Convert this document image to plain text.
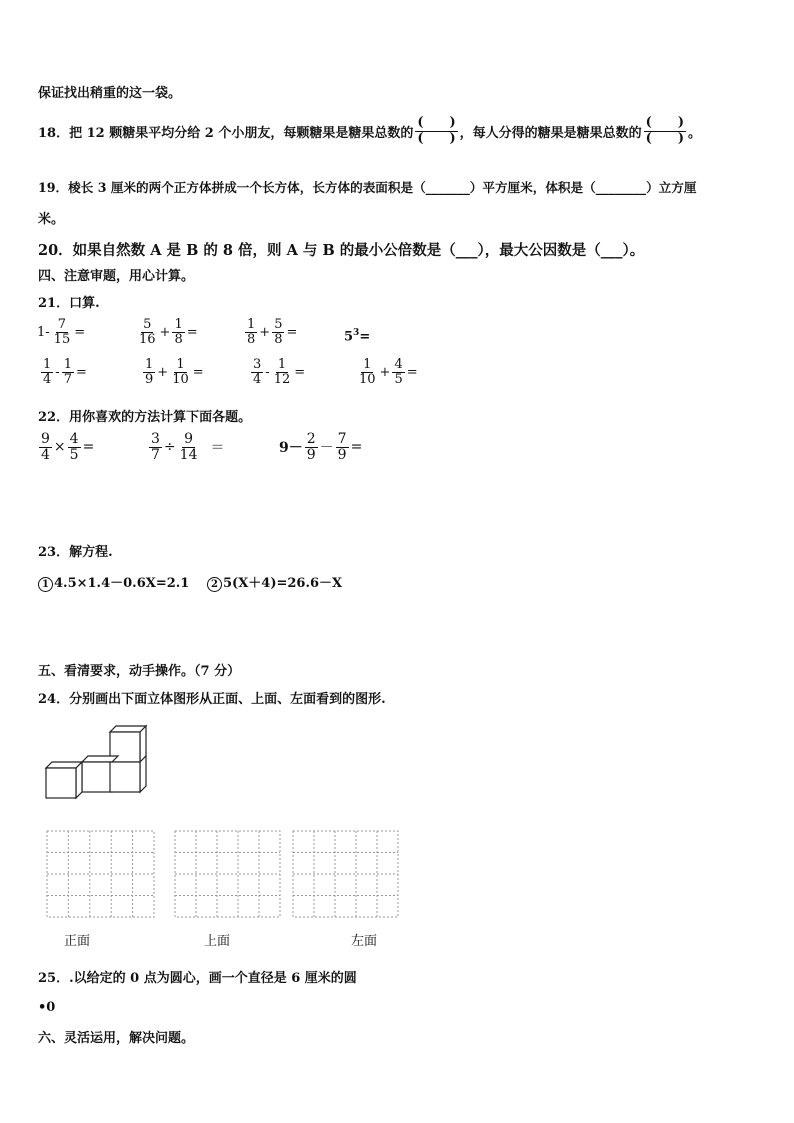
保证找出稍重的这一袋。
18． 把 12 颗糖果平均分给 2 个小朋友，每颗糖果是糖果总数的 $\frac{( )}{( )}$ ，每人分得的糖果是糖果总数的 $\frac{( )}{( )}$ 。
19．棱长 3 厘米的两个正方体拼成一个长方体，长方体的表面积是（_______）平方厘米，体积是（________）立方厘
米。
20．如果自然数 A 是 B 的 8 倍，则 A 与 B 的最小公倍数是（___），最大公因数是（___）。
四、注意审题，用心计算。
21．口算.
$1- \frac{7}{15}$ =	$\frac{5}{16} + \frac{1}{8}$ =	$\frac{1}{8} + \frac{5}{8}$ =	$5^3=$
$\frac{1}{4} - \frac{1}{7}$ =	$\frac{1}{9} + \frac{1}{10}$ =	$\frac{3}{4} - \frac{1}{12}$ =	$\frac{1}{10} + \frac{4}{5}$ =
22．用你喜欢的方法计算下面各题。
$\frac{9}{4} \times \frac{4}{5}$ =	$\frac{3}{7} \div \frac{9}{14}$ ＝	$9- \frac{2}{9} - \frac{7}{9}$ =
23．解方程.
1 4.5×1.4－0.6X=2.1	2 5(X＋4)=26.6－X
五、看清要求，动手操作。（7 分）
24．分别画出下面立体图形从正面、上面、左面看到的图形.
正面	上面	左面
25．.以给定的 0 点为圆心，画一个直径是 6 厘米的圆
•0
六、灵活运用，解决问题。
